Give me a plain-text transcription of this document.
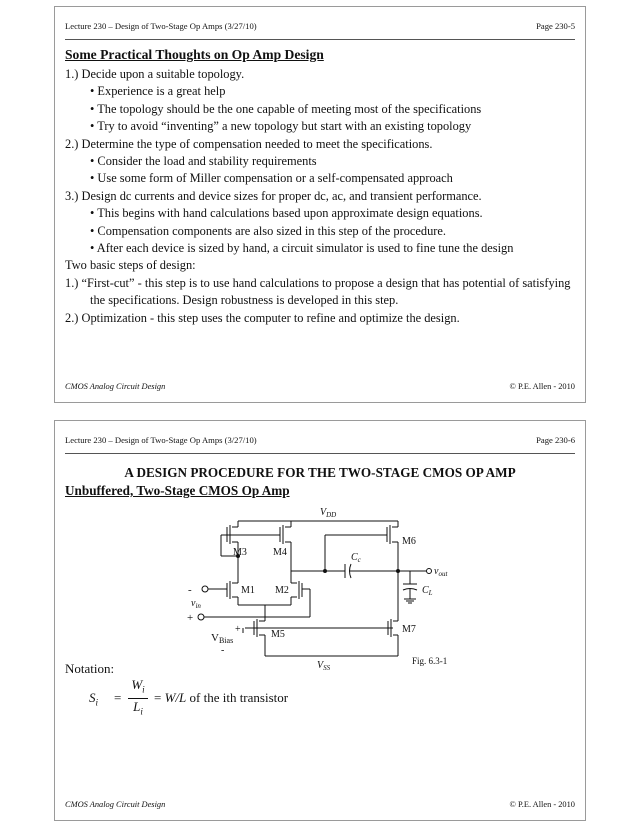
Lecture 230 – Design of Two-Stage Op Amps (3/27/10)	Page 230-5
Some Practical Thoughts on Op Amp Design
1.) Decide upon a suitable topology.
• Experience is a great help
• The topology should be the one capable of meeting most of the specifications
• Try to avoid “inventing” a new topology but start with an existing topology
2.) Determine the type of compensation needed to meet the specifications.
• Consider the load and stability requirements
• Use some form of Miller compensation or a self-compensated approach
3.) Design dc currents and device sizes for proper dc, ac, and transient performance.
• This begins with hand calculations based upon approximate design equations.
• Compensation components are also sized in this step of the procedure.
• After each device is sized by hand, a circuit simulator is used to fine tune the design
Two basic steps of design:
1.) “First-cut” - this step is to use hand calculations to propose a design that has potential of satisfying the specifications. Design robustness is developed in this step.
2.) Optimization - this step uses the computer to refine and optimize the design.
CMOS Analog Circuit Design	© P.E. Allen - 2010
Lecture 230 – Design of Two-Stage Op Amps (3/27/10)	Page 230-6
A DESIGN PROCEDURE FOR THE TWO-STAGE CMOS OP AMP
Unbuffered, Two-Stage CMOS Op Amp
$V_{DD}$
M3	M4
M1
-
$v_{in}$
+
M2
M5
+
VBias
-
$C_c$
M6
$v_{out}$
$C_L$
M7
$V_{SS}$
Fig. 6.3-1
Notation:
$S_i$ =
$W_i$
$L_i$
= W/L of the ith transistor
CMOS Analog Circuit Design	© P.E. Allen - 2010
